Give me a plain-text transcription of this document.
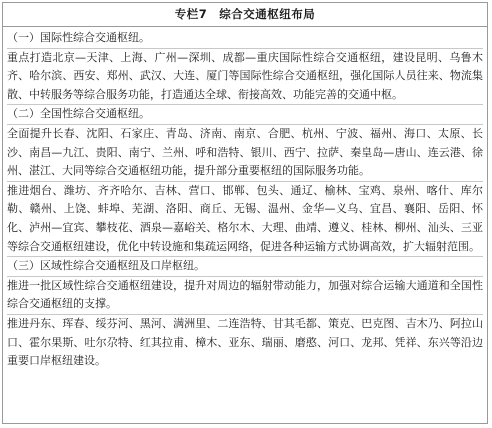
专栏7　综合交通枢纽布局

（一）国际性综合交通枢纽。

重点打造北京—天津、上海、广州—深圳、成都—重庆国际性综合交通枢纽，建设昆明、乌鲁木齐、哈尔滨、西安、郑州、武汉、大连、厦门等国际性综合交通枢纽，强化国际人员往来、物流集散、中转服务等综合服务功能，打造通达全球、衔接高效、功能完善的交通中枢。

（二）全国性综合交通枢纽。

全面提升长春、沈阳、石家庄、青岛、济南、南京、合肥、杭州、宁波、福州、海口、太原、长沙、南昌—九江、贵阳、南宁、兰州、呼和浩特、银川、西宁、拉萨、秦皇岛—唐山、连云港、徐州、湛江、大同等综合交通枢纽功能，提升部分重要枢纽的国际服务功能。

推进烟台、潍坊、齐齐哈尔、吉林、营口、邯郸、包头、通辽、榆林、宝鸡、泉州、喀什、库尔勒、赣州、上饶、蚌埠、芜湖、洛阳、商丘、无锡、温州、金华—义乌、宜昌、襄阳、岳阳、怀化、泸州—宜宾、攀枝花、酒泉—嘉峪关、格尔木、大理、曲靖、遵义、桂林、柳州、汕头、三亚等综合交通枢纽建设，优化中转设施和集疏运网络，促进各种运输方式协调高效，扩大辐射范围。

（三）区域性综合交通枢纽及口岸枢纽。

推进一批区域性综合交通枢纽建设，提升对周边的辐射带动能力，加强对综合运输大通道和全国性综合交通枢纽的支撑。

推进丹东、珲春、绥芬河、黑河、满洲里、二连浩特、甘其毛都、策克、巴克图、吉木乃、阿拉山口、霍尔果斯、吐尔尕特、红其拉甫、樟木、亚东、瑞丽、磨憨、河口、龙邦、凭祥、东兴等沿边重要口岸枢纽建设。
